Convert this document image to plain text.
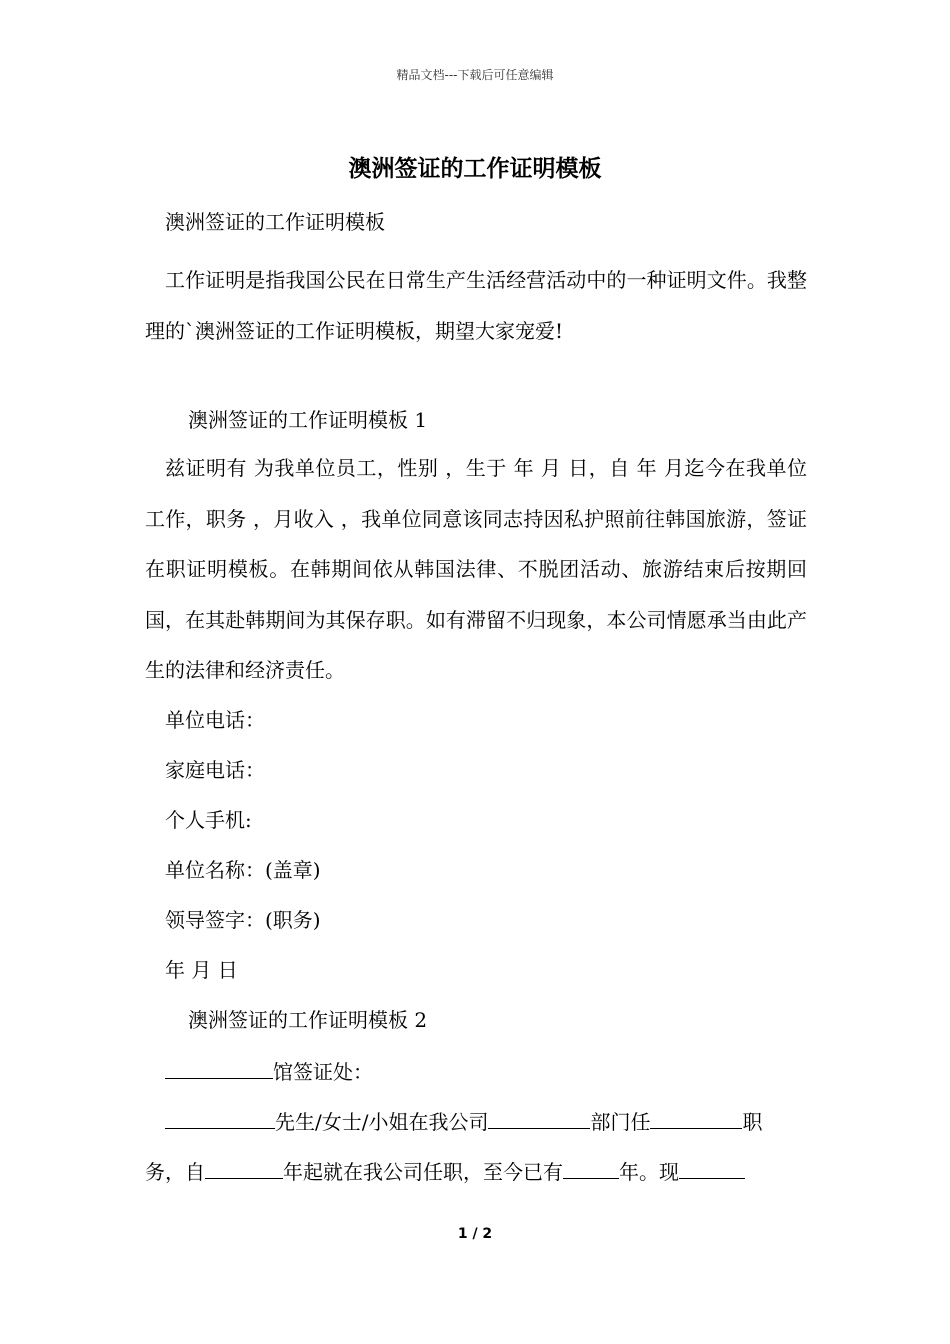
精品文档---下载后可任意编辑
澳洲签证的工作证明模板
澳洲签证的工作证明模板

工作证明是指我国公民在日常生产生活经营活动中的一种证明文件。我整理的`澳洲签证的工作证明模板，期望大家宠爱!

澳洲签证的工作证明模板 1

兹证明有 为我单位员工，性别 ，生于 年 月 日，自 年 月迄今在我单位工作，职务 ，月收入 ，我单位同意该同志持因私护照前往韩国旅游，签证在职证明模板。在韩期间依从韩国法律、不脱团活动、旅游结束后按期回国，在其赴韩期间为其保存职。如有滞留不归现象，本公司情愿承当由此产生的法律和经济责任。

单位电话：
家庭电话：
个人手机:
单位名称：(盖章)
领导签字：(职务)
年 月 日
澳洲签证的工作证明模板 2
馆签证处：
先生/女士/小姐在我公司	部门任	职
务，自	年起就在我公司任职，至今已有	年。现
1 / 2
